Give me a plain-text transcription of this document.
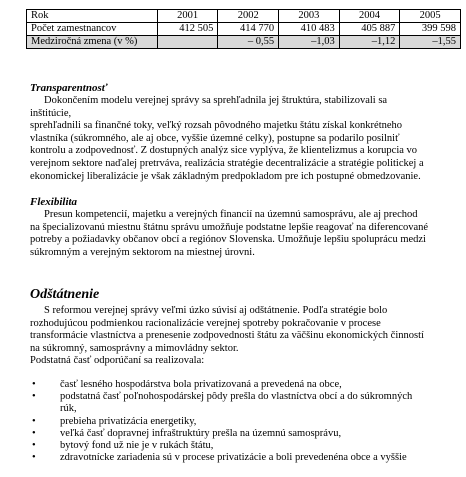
Rok	2001	2002	2003	2004	2005
Počet zamestnancov	412 505	414 770	410 483	405 887	399 598
Medziročná zmena (v %)		– 0,55	–1,03	–1,12	–1,55
Transparentnosť
Dokončením modelu verejnej správy sa sprehľadnila jej štruktúra, stabilizovali sa
inštitúcie,
sprehľadnili sa finančné toky, veľký rozsah pôvodného majetku štátu získal konkrétneho
vlastníka (súkromného, ale aj obce, vyššie územné celky), postupne sa podarilo posilniť
kontrolu a zodpovednosť. Z dostupných analýz sice vyplýva, že klientelizmus a korupcia vo
verejnom sektore naďalej pretrváva, realizácia stratégie decentralizácie a stratégie politickej a
ekonomickej liberalizácie je však základným predpokladom pre ich postupné obmedzovanie.
Flexibilita
Presun kompetencií, majetku a verejných financií na územnú samosprávu, ale aj prechod
na špecializovanú miestnu štátnu správu umožňuje podstatne lepšie reagovať na diferencované
potreby a požiadavky občanov obcí a regiónov Slovenska. Umožňuje lepšiu spoluprácu medzi
súkromným a verejným sektorom na miestnej úrovni.
Odštátnenie
S reformou verejnej správy veľmi úzko súvisí aj odštátnenie. Podľa stratégie bolo
rozhodujúcou podmienkou racionalizácie verejnej spotreby pokračovanie v procese
transformácie vlastníctva a prenesenie zodpovednosti štátu za väčšinu ekonomických činností
na súkromný, samosprávny a mimovládny sektor.
Podstatná časť odporúčaní sa realizovala:
• časť lesného hospodárstva bola privatizovaná a prevedená na obce,
• podstatná časť poľnohospodárskej pôdy prešla do vlastníctva obcí a do súkromných
rúk,
• prebieha privatizácia energetiky,
• veľká časť dopravnej infraštruktúry prešla na územnú samosprávu,
• bytový fond už nie je v rukách štátu,
• zdravotnícke zariadenia sú v procese privatizácie a boli prevedenéna obce a vyššie
